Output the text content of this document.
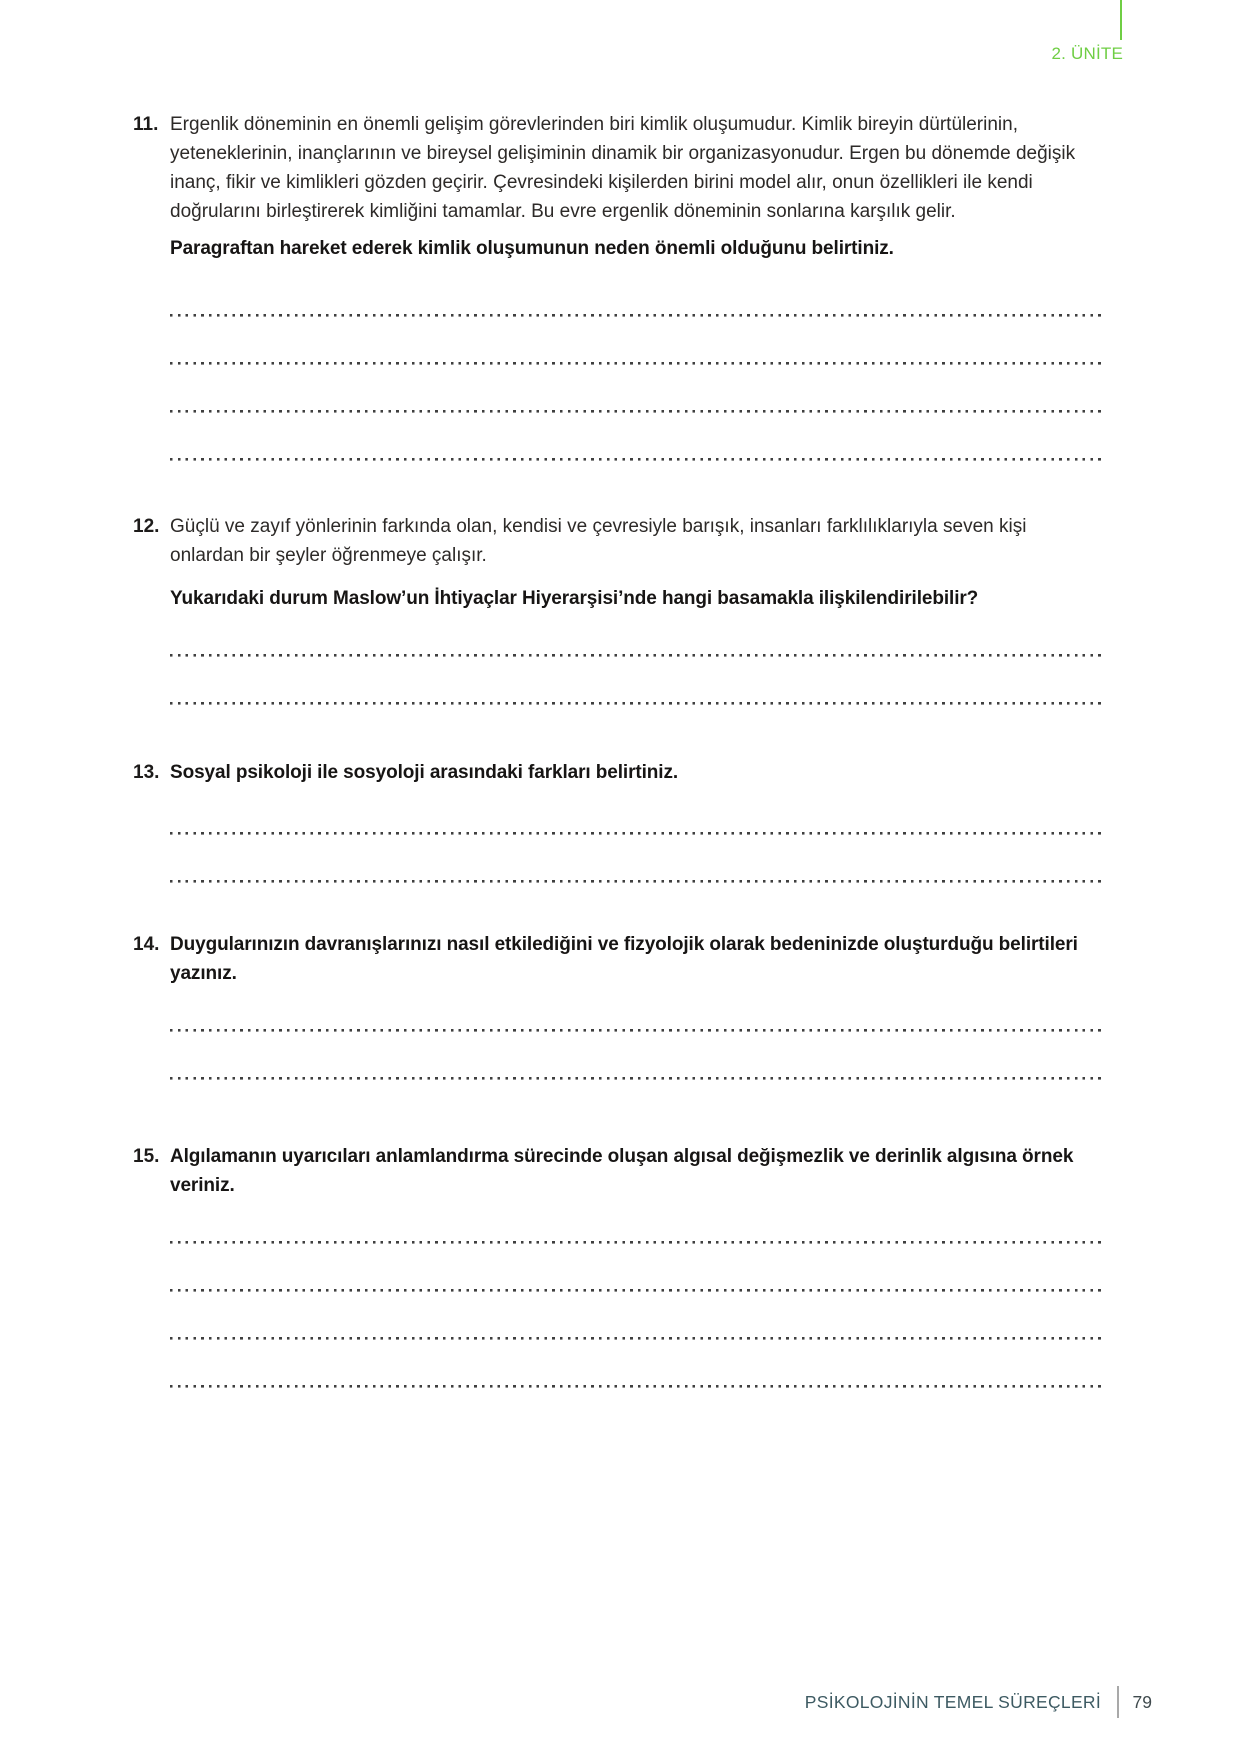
2. ÜNİTE
11. Ergenlik döneminin en önemli gelişim görevlerinden biri kimlik oluşumudur. Kimlik bireyin dürtülerinin, yeteneklerinin, inançlarının ve bireysel gelişiminin dinamik bir organizasyonudur. Ergen bu dönemde değişik inanç, fikir ve kimlikleri gözden geçirir. Çevresindeki kişilerden birini model alır, onun özellikleri ile kendi doğrularını birleştirerek kimliğini tamamlar. Bu evre ergenlik döneminin sonlarına karşılık gelir.
Paragraftan hareket ederek kimlik oluşumunun neden önemli olduğunu belirtiniz.
12. Güçlü ve zayıf yönlerinin farkında olan, kendisi ve çevresiyle barışık, insanları farklılıklarıyla seven kişi onlardan bir şeyler öğrenmeye çalışır.
Yukarıdaki durum Maslow’un İhtiyaçlar Hiyerarşisi’nde hangi basamakla ilişkilendirilebilir?
13. Sosyal psikoloji ile sosyoloji arasındaki farkları belirtiniz.
14. Duygularınızın davranışlarınızı nasıl etkilediğini ve fizyolojik olarak bedeninizde oluşturduğu belirtileri yazınız.
15. Algılamanın uyarıcıları anlamlandırma sürecinde oluşan algısal değişmezlik ve derinlik algısına örnek veriniz.
PSİKOLOJİNİN TEMEL SÜREÇLERİ 79
